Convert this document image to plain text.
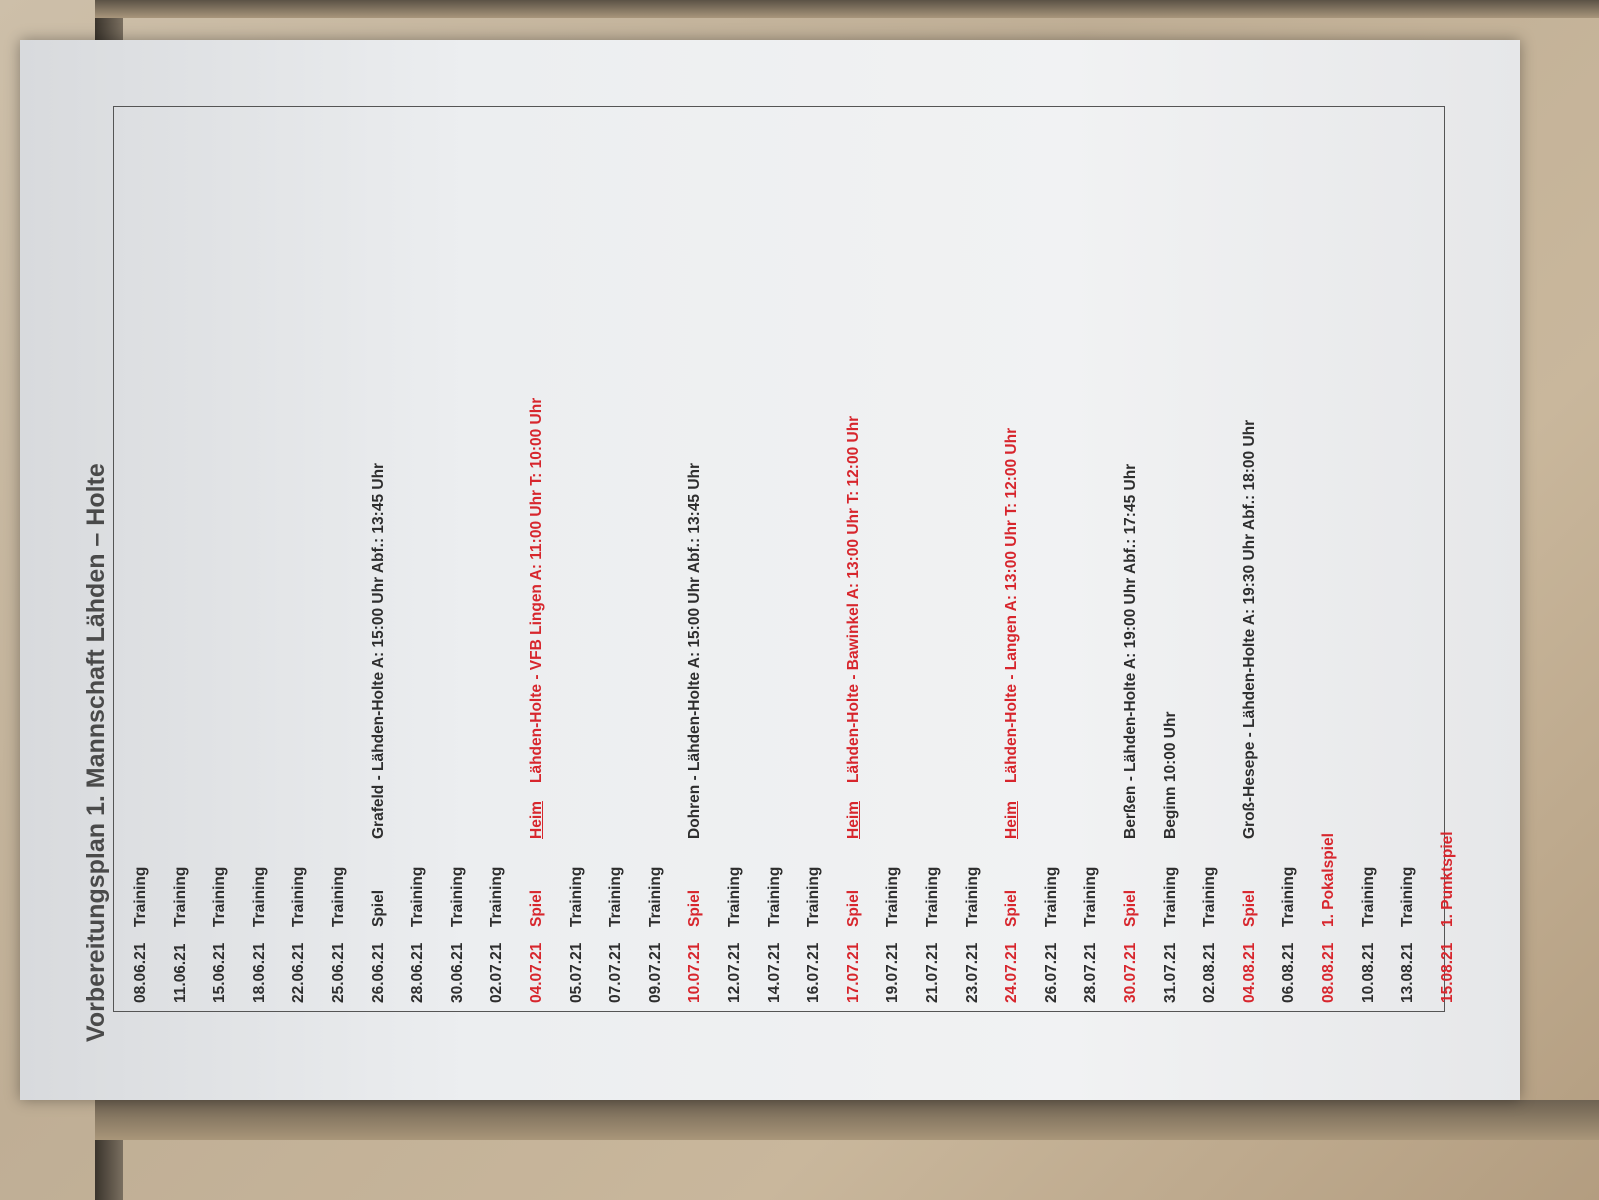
Vorbereitungsplan 1. Mannschaft Lähden – Holte 08.06.21
Training
11.06.21
Training
15.06.21
Training
18.06.21
Training
22.06.21
Training
25.06.21
Training
26.06.21
Spiel
Grafeld - Lähden-Holte A: 15:00 Uhr Abf.: 13:45 Uhr
28.06.21
Training
30.06.21
Training
02.07.21
Training
04.07.21
Spiel
Heim
Lähden-Holte - VFB Lingen A: 11:00 Uhr T: 10:00 Uhr
05.07.21
Training
07.07.21
Training
09.07.21
Training
10.07.21
Spiel
Dohren - Lähden-Holte A: 15:00 Uhr Abf.: 13:45 Uhr
12.07.21
Training
14.07.21
Training
16.07.21
Training
17.07.21
Spiel
Heim
Lähden-Holte - Bawinkel A: 13:00 Uhr T: 12:00 Uhr
19.07.21
Training
21.07.21
Training
23.07.21
Training
24.07.21
Spiel
Heim
Lähden-Holte - Langen A: 13:00 Uhr T: 12:00 Uhr
26.07.21
Training
28.07.21
Training
30.07.21
Spiel
Berßen - Lähden-Holte A: 19:00 Uhr Abf.: 17:45 Uhr
31.07.21
Training
Beginn 10:00 Uhr
02.08.21
Training
04.08.21
Spiel
Groß-Hesepe - Lähden-Holte A: 19:30 Uhr Abf.: 18:00 Uhr
06.08.21
Training
08.08.21
1. Pokalspiel
10.08.21
Training
13.08.21
Training
15.08.21
1. Punktspiel
